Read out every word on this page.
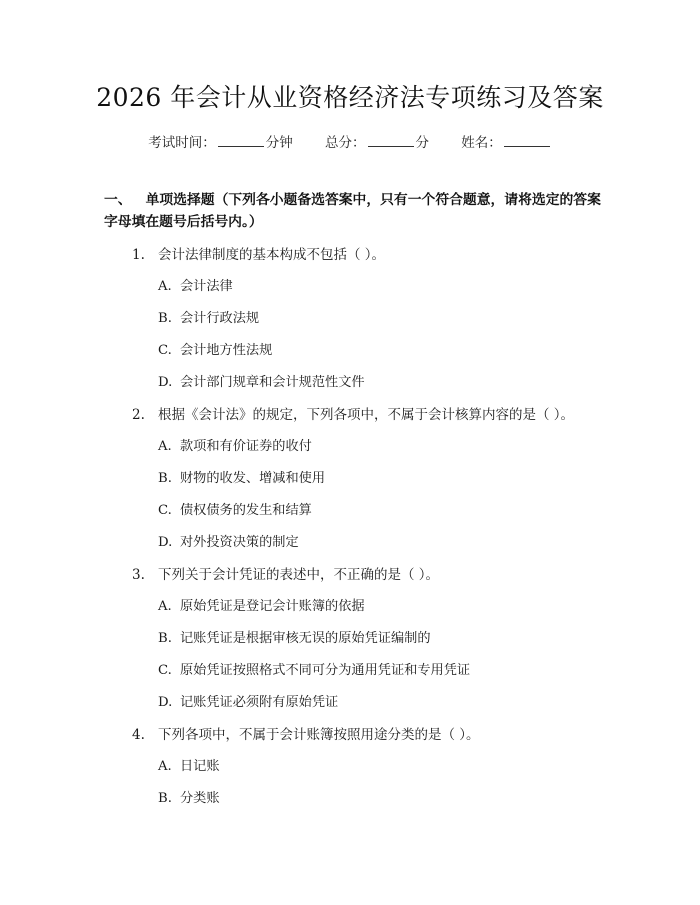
2026 年会计从业资格经济法专项练习及答案
考试时间：	分钟 总分：	分 姓名：
一、 单项选择题（下列各小题备选答案中，只有一个符合题意，请将选定的答案字母填在题号后括号内。）
1. 会计法律制度的基本构成不包括（ ）。
A. 会计法律
B. 会计行政法规
C. 会计地方性法规
D. 会计部门规章和会计规范性文件
2. 根据《会计法》的规定，下列各项中，不属于会计核算内容的是（ ）。
A. 款项和有价证券的收付
B. 财物的收发、增减和使用
C. 债权债务的发生和结算
D. 对外投资决策的制定
3. 下列关于会计凭证的表述中，不正确的是（ ）。
A. 原始凭证是登记会计账簿的依据
B. 记账凭证是根据审核无误的原始凭证编制的
C. 原始凭证按照格式不同可分为通用凭证和专用凭证
D. 记账凭证必须附有原始凭证
4. 下列各项中，不属于会计账簿按照用途分类的是（ ）。
A. 日记账
B. 分类账
